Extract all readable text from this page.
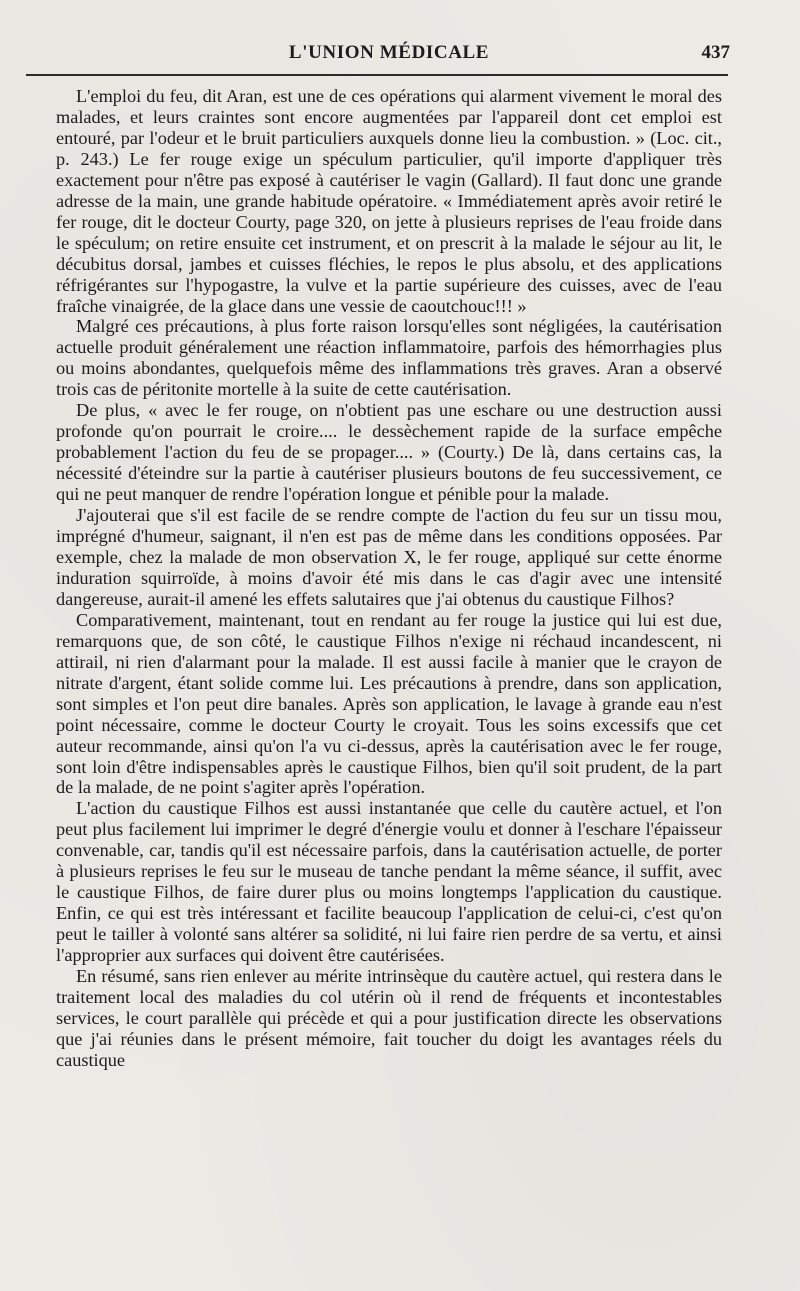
L'UNION MÉDICALE	437

L'emploi du feu, dit Aran, est une de ces opérations qui alarment vivement le moral des malades, et leurs craintes sont encore augmentées par l'appareil dont cet emploi est entouré, par l'odeur et le bruit particuliers auxquels donne lieu la combustion. » (Loc. cit., p. 243.) Le fer rouge exige un spéculum particulier, qu'il importe d'appliquer très exactement pour n'être pas exposé à cautériser le vagin (Gallard). Il faut donc une grande adresse de la main, une grande habitude opératoire. « Immédiatement après avoir retiré le fer rouge, dit le docteur Courty, page 320, on jette à plusieurs reprises de l'eau froide dans le spéculum; on retire ensuite cet instrument, et on prescrit à la malade le séjour au lit, le décubitus dorsal, jambes et cuisses fléchies, le repos le plus absolu, et des applications réfrigérantes sur l'hypogastre, la vulve et la partie supérieure des cuisses, avec de l'eau fraîche vinaigrée, de la glace dans une vessie de caoutchouc!!! »

Malgré ces précautions, à plus forte raison lorsqu'elles sont négligées, la cautérisation actuelle produit généralement une réaction inflammatoire, parfois des hémorrhagies plus ou moins abondantes, quelquefois même des inflammations très graves. Aran a observé trois cas de péritonite mortelle à la suite de cette cautérisation.

De plus, « avec le fer rouge, on n'obtient pas une eschare ou une destruction aussi profonde qu'on pourrait le croire.... le dessèchement rapide de la surface empêche probablement l'action du feu de se propager.... » (Courty.) De là, dans certains cas, la nécessité d'éteindre sur la partie à cautériser plusieurs boutons de feu successivement, ce qui ne peut manquer de rendre l'opération longue et pénible pour la malade.

J'ajouterai que s'il est facile de se rendre compte de l'action du feu sur un tissu mou, imprégné d'humeur, saignant, il n'en est pas de même dans les conditions opposées. Par exemple, chez la malade de mon observation X, le fer rouge, appliqué sur cette énorme induration squirroïde, à moins d'avoir été mis dans le cas d'agir avec une intensité dangereuse, aurait-il amené les effets salutaires que j'ai obtenus du caustique Filhos?

Comparativement, maintenant, tout en rendant au fer rouge la justice qui lui est due, remarquons que, de son côté, le caustique Filhos n'exige ni réchaud incandescent, ni attirail, ni rien d'alarmant pour la malade. Il est aussi facile à manier que le crayon de nitrate d'argent, étant solide comme lui. Les précautions à prendre, dans son application, sont simples et l'on peut dire banales. Après son application, le lavage à grande eau n'est point nécessaire, comme le docteur Courty le croyait. Tous les soins excessifs que cet auteur recommande, ainsi qu'on l'a vu ci-dessus, après la cautérisation avec le fer rouge, sont loin d'être indispensables après le caustique Filhos, bien qu'il soit prudent, de la part de la malade, de ne point s'agiter après l'opération.

L'action du caustique Filhos est aussi instantanée que celle du cautère actuel, et l'on peut plus facilement lui imprimer le degré d'énergie voulu et donner à l'eschare l'épaisseur convenable, car, tandis qu'il est nécessaire parfois, dans la cautérisation actuelle, de porter à plusieurs reprises le feu sur le museau de tanche pendant la même séance, il suffit, avec le caustique Filhos, de faire durer plus ou moins longtemps l'application du caustique. Enfin, ce qui est très intéressant et facilite beaucoup l'application de celui-ci, c'est qu'on peut le tailler à volonté sans altérer sa solidité, ni lui faire rien perdre de sa vertu, et ainsi l'approprier aux surfaces qui doivent être cautérisées.

En résumé, sans rien enlever au mérite intrinsèque du cautère actuel, qui restera dans le traitement local des maladies du col utérin où il rend de fréquents et incontestables services, le court parallèle qui précède et qui a pour justification directe les observations que j'ai réunies dans le présent mémoire, fait toucher du doigt les avantages réels du caustique
